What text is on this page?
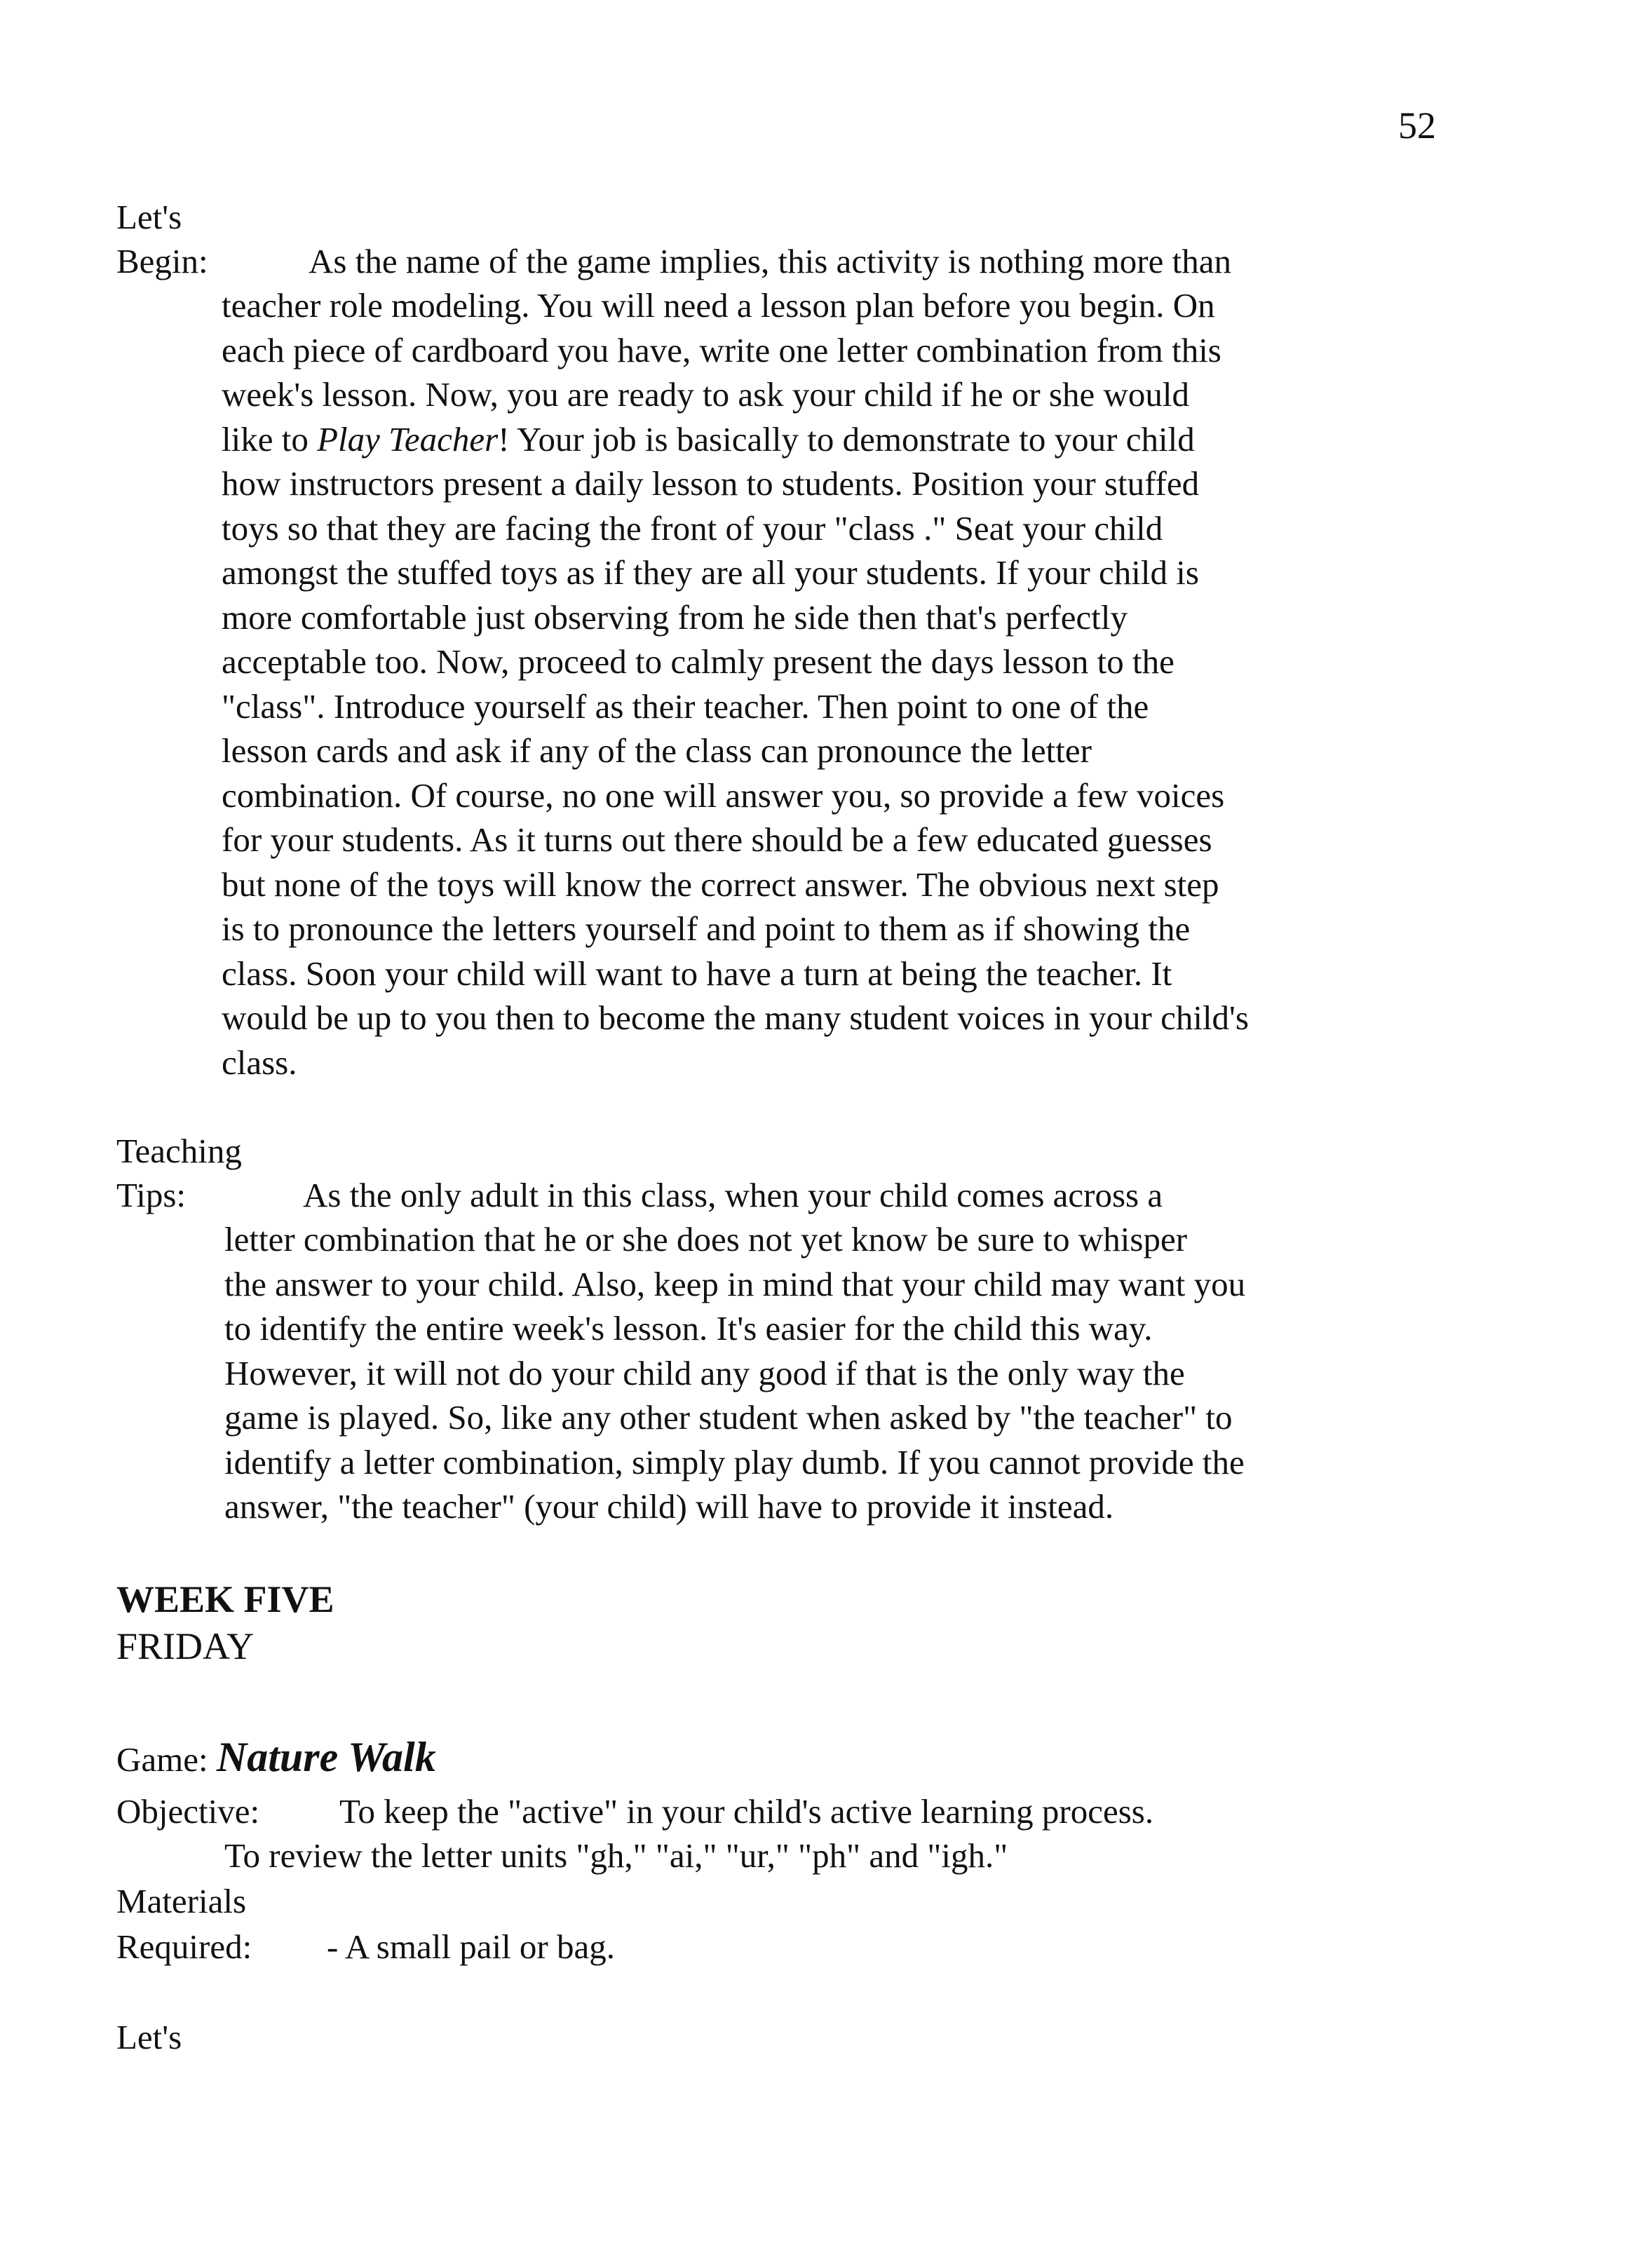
52
Let's
Begin:	As the name of the game implies, this activity is nothing more than
teacher role modeling. You will need a lesson plan before you begin. On
each piece of cardboard you have, write one letter combination from this
week's lesson. Now, you are ready to ask your child if he or she would
like to Play Teacher! Your job is basically to demonstrate to your child
how instructors present a daily lesson to students. Position your stuffed
toys so that they are facing the front of your "class ." Seat your child
amongst the stuffed toys as if they are all your students. If your child is
more comfortable just observing from he side then that's perfectly
acceptable too. Now, proceed to calmly present the days lesson to the
"class". Introduce yourself as their teacher. Then point to one of the
lesson cards and ask if any of the class can pronounce the letter
combination. Of course, no one will answer you, so provide a few voices
for your students. As it turns out there should be a few educated guesses
but none of the toys will know the correct answer. The obvious next step
is to pronounce the letters yourself and point to them as if showing the
class. Soon your child will want to have a turn at being the teacher. It
would be up to you then to become the many student voices in your child's
class.
Teaching
Tips:	As the only adult in this class, when your child comes across a
letter combination that he or she does not yet know be sure to whisper
the answer to your child. Also, keep in mind that your child may want you
to identify the entire week's lesson. It's easier for the child this way.
However, it will not do your child any good if that is the only way the
game is played. So, like any other student when asked by "the teacher" to
identify a letter combination, simply play dumb. If you cannot provide the
answer, "the teacher" (your child) will have to provide it instead.
WEEK FIVE
FRIDAY
Game: Nature Walk
Objective: To keep the "active" in your child's active learning process.
To review the letter units "gh," "ai," "ur," "ph" and "igh."
Materials
Required: - A small pail or bag.
Let's
